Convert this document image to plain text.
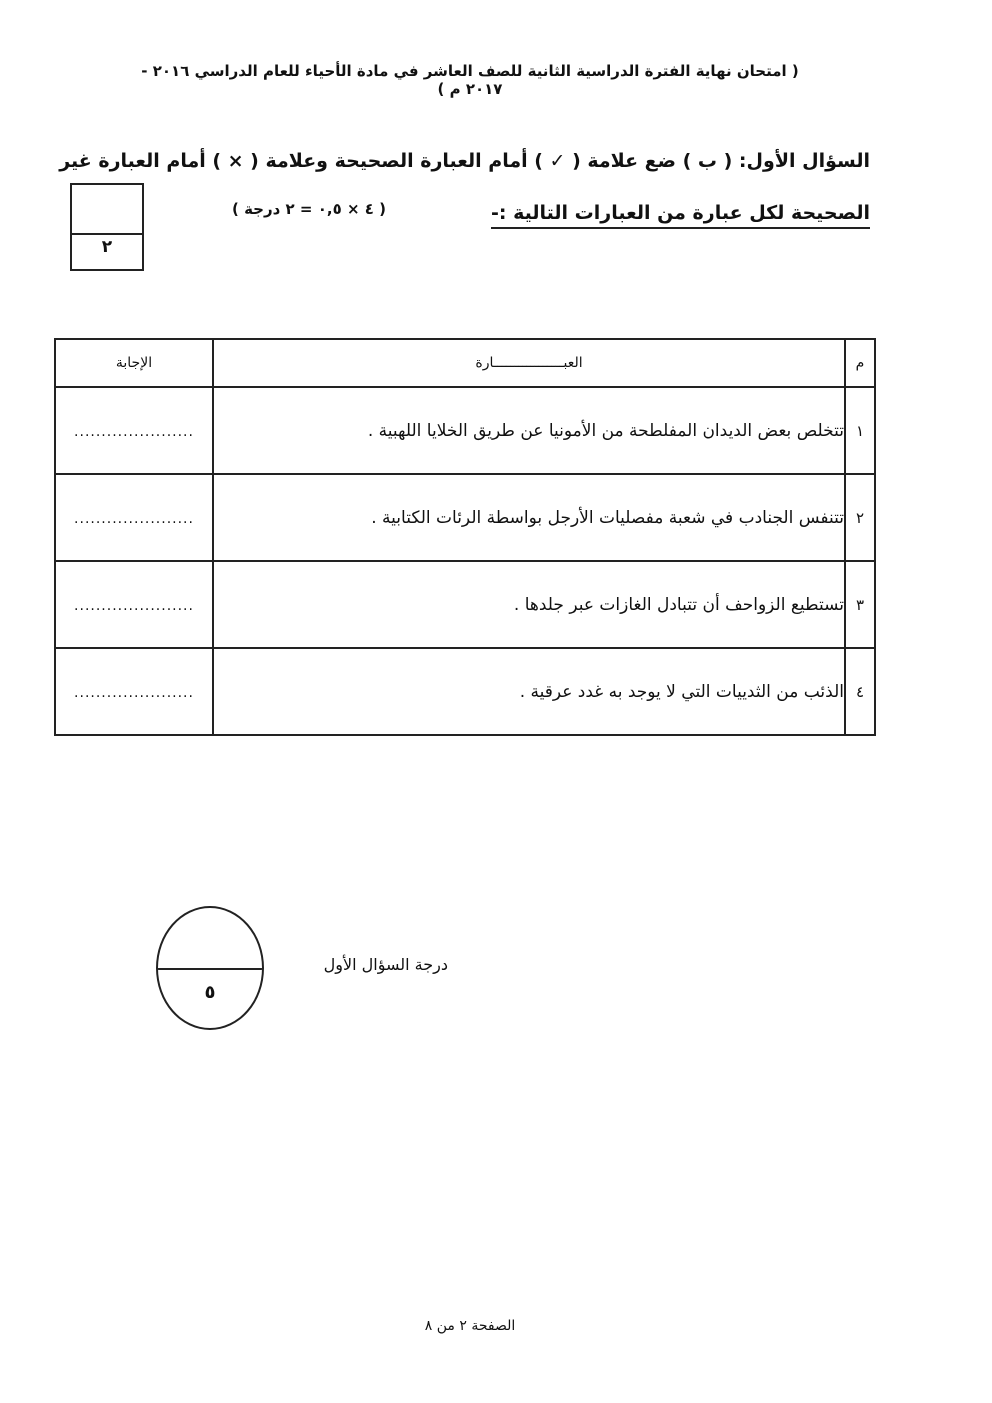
( امتحان نهاية الفترة الدراسية الثانية للصف العاشر في مادة الأحياء للعام الدراسي ٢٠١٦ - ٢٠١٧ م )
السؤال الأول: ( ب ) ضع علامة ( ✓ ) أمام العبارة الصحيحة وعلامة ( × ) أمام العبارة غير
الصحيحة لكل عبارة من العبارات التالية :-
( ٤ × ٠,٥ = ٢ درجة )
٢
م	العبـــــــــــــــــارة	الإجابة
١	تتخلص بعض الديدان المفلطحة من الأمونيا عن طريق الخلايا اللهبية .	......................
٢	تتنفس الجنادب في شعبة مفصليات الأرجل بواسطة الرئات الكتابية .	......................
٣	تستطيع الزواحف أن تتبادل الغازات عبر جلدها .	......................
٤	الذئب من الثدييات التي لا يوجد به غدد عرقية .	......................
٥
درجة السؤال الأول
الصفحة ٢ من ٨
